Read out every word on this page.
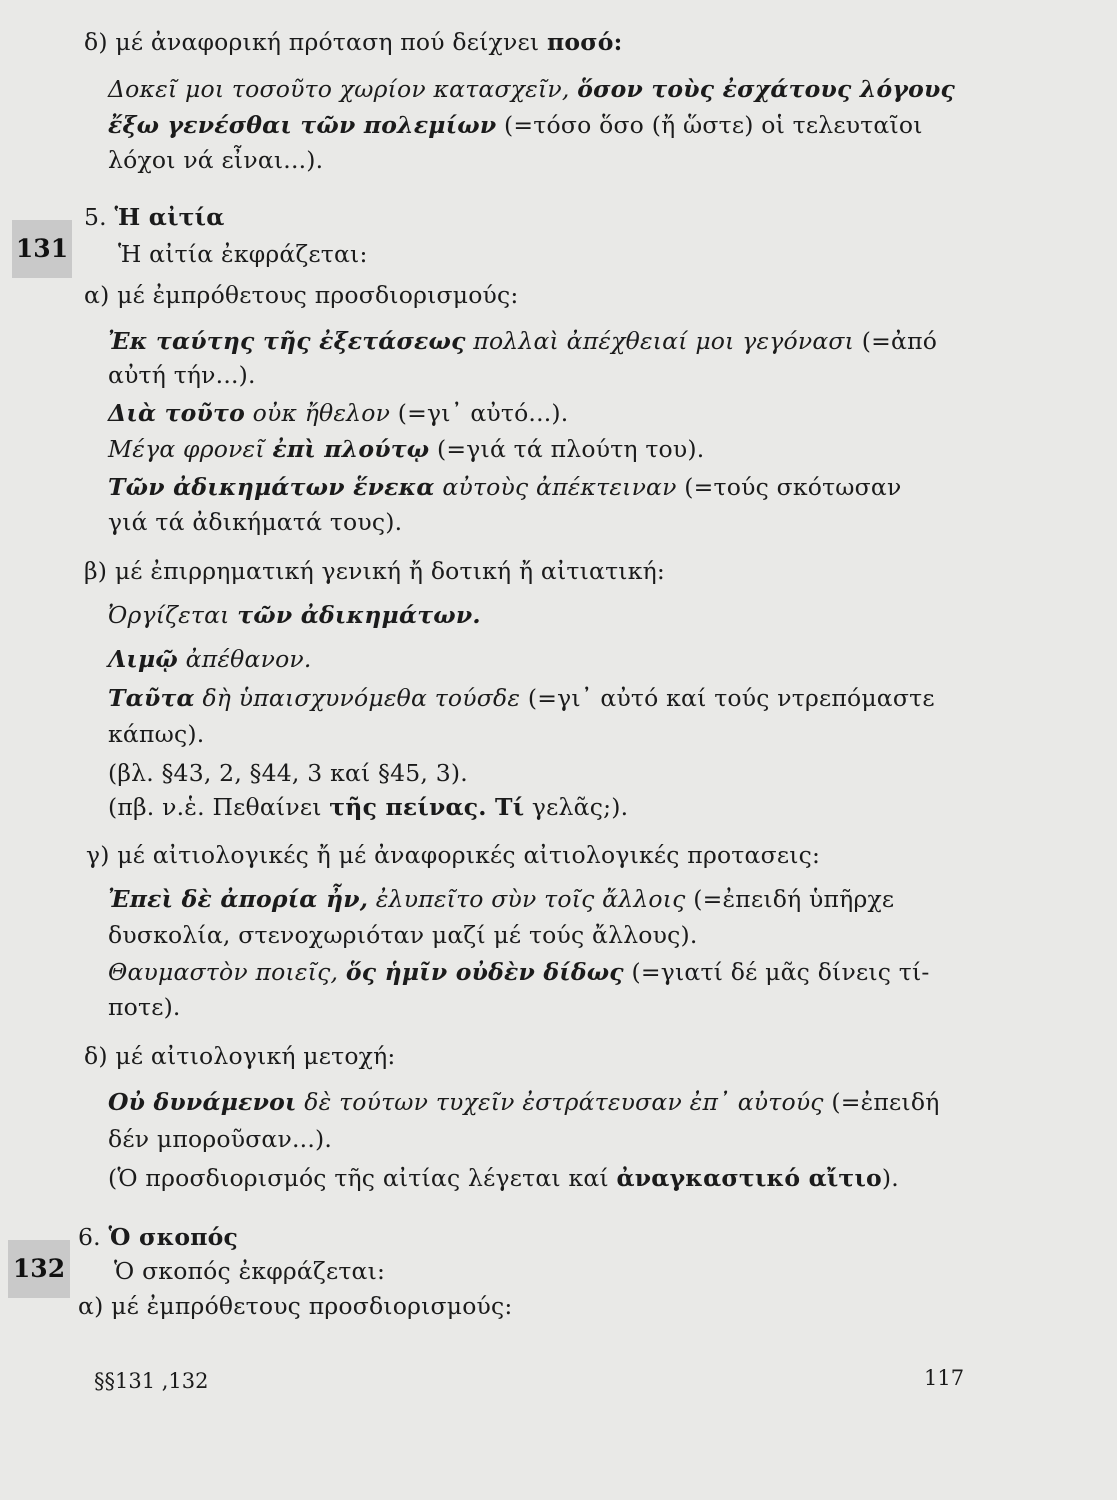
δ) μέ ἀναφορική πρόταση πού δείχνει ποσό:
Δοκεῖ μοι τοσοῦτο χωρίον κατασχεῖν, ὅσον τοὺς ἐσχάτους λόγους
ἔξω γενέσθαι τῶν πολεμίων (=τόσο ὅσο (ἤ ὥστε) οἱ τελευταῖοι
λόχοι νά εἶναι...).
5. Ἡ αἰτία
131 Ἡ αἰτία ἐκφράζεται:
α) μέ ἐμπρόθετους προσδιορισμούς:
Ἐκ ταύτης τῆς ἐξετάσεως πολλαὶ ἀπέχθειαί μοι γεγόνασι (=ἀπό
αὐτή τήν...).
Διὰ τοῦτο οὐκ ἤθελον (=γι᾿ αὐτό...).
Μέγα φρονεῖ ἐπὶ πλούτῳ (=γιά τά πλούτη του).
Τῶν ἀδικημάτων ἕνεκα αὐτοὺς ἀπέκτειναν (=τούς σκότωσαν
γιά τά ἀδικήματά τους).
β) μέ ἐπιρρηματική γενική ἤ δοτική ἤ αἰτιατική:
Ὀργίζεται τῶν ἀδικημάτων.
Λιμῷ ἀπέθανον.
Ταῦτα δὴ ὑπαισχυνόμεθα τούσδε (=γι᾿ αὐτό καί τούς ντρεπόμαστε
κάπως).
(βλ. §43, 2, §44, 3 καί §45, 3).
(πβ. ν.ἑ. Πεθαίνει τῆς πείνας. Τί γελᾶς;).
γ) μέ αἰτιολογικές ἤ μέ ἀναφορικές αἰτιολογικές προτασεις:
Ἐπεὶ δὲ ἀπορία ἦν, ἐλυπεῖτο σὺν τοῖς ἄλλοις (=ἐπειδή ὑπῆρχε
δυσκολία, στενοχωριόταν μαζί μέ τούς ἄλλους).
Θαυμαστὸν ποιεῖς, ὅς ἡμῖν οὐδὲν δίδως (=γιατί δέ μᾶς δίνεις τί-
ποτε).
δ) μέ αἰτιολογική μετοχή:
Οὐ δυνάμενοι δὲ τούτων τυχεῖν ἐστράτευσαν ἐπ᾿ αὐτούς (=ἐπειδή
δέν μποροῦσαν...).
(Ὁ προσδιορισμός τῆς αἰτίας λέγεται καί ἀναγκαστικό αἴτιο).
6. Ὁ σκοπός
132 Ὁ σκοπός ἐκφράζεται:
α) μέ ἐμπρόθετους προσδιορισμούς:
§§131 ,132	117
